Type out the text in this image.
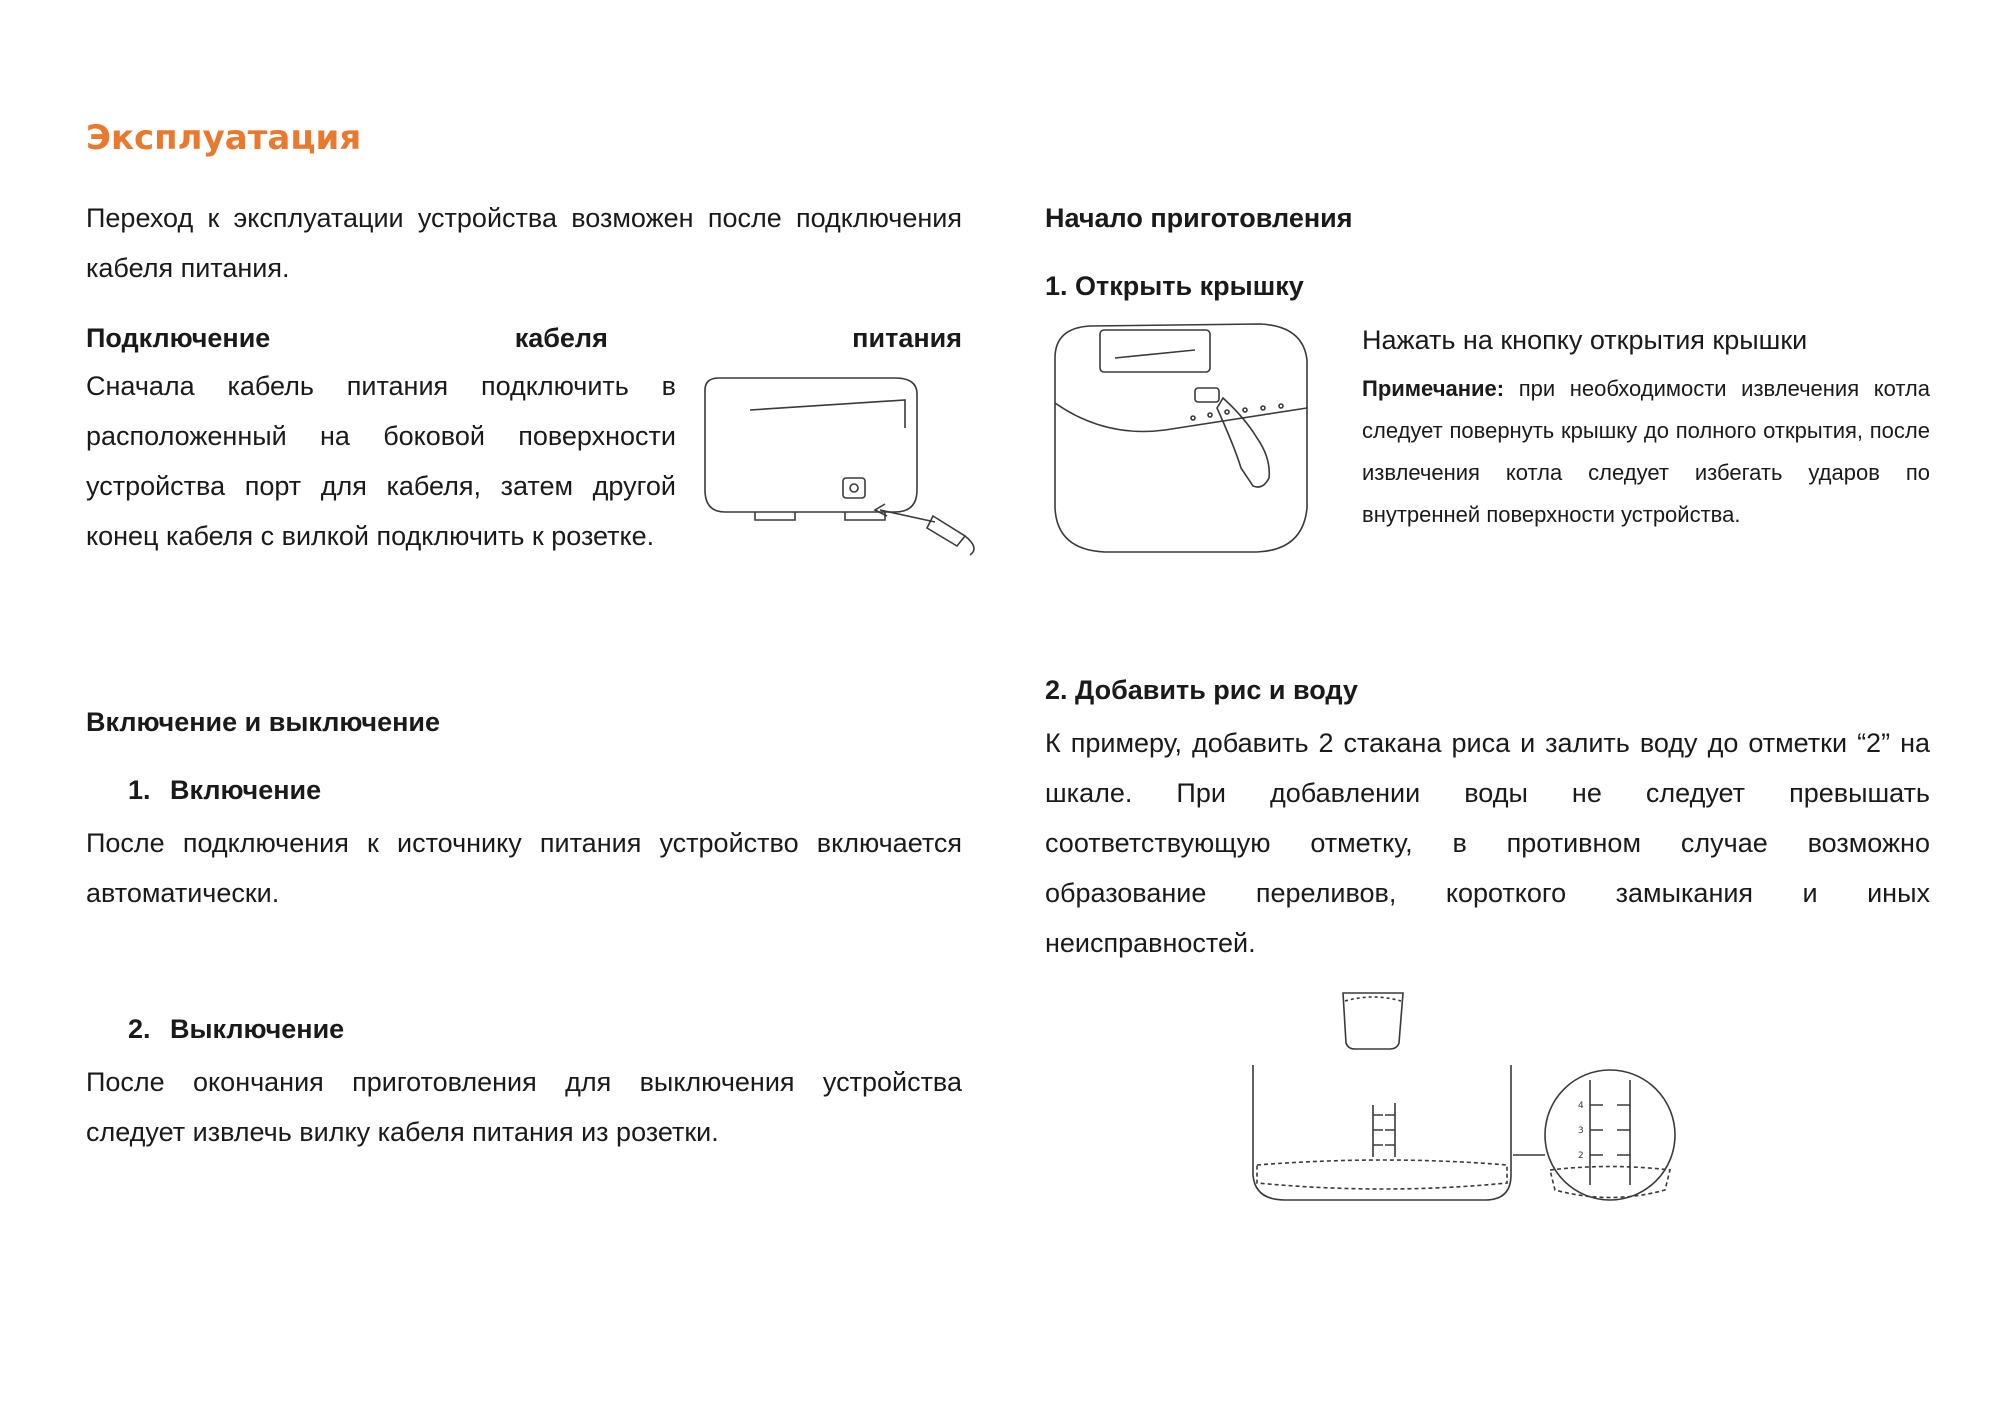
Эксплуатация
Переход к эксплуатации устройства возможен после подключения кабеля питания.
Подключение кабеля питания
Сначала кабель питания подключить в расположенный на боковой поверхности устройства порт для кабеля, затем другой конец кабеля с вилкой подключить к розетке.
Включение и выключение
1. Включение
После подключения к источнику питания устройство включается автоматически.
2. Выключение
После окончания приготовления для выключения устройства следует извлечь вилку кабеля питания из розетки.
Начало приготовления
1. Открыть крышку
Нажать на кнопку открытия крышки
Примечание: при необходимости извлечения котла следует повернуть крышку до полного открытия, после извлечения котла следует избегать ударов по внутренней поверхности устройства.
2. Добавить рис и воду
К примеру, добавить 2 стакана риса и залить воду до отметки “2” на шкале. При добавлении воды не следует превышать соответствующую отметку, в противном случае возможно образование переливов, короткого замыкания и иных неисправностей.
4
3
2
